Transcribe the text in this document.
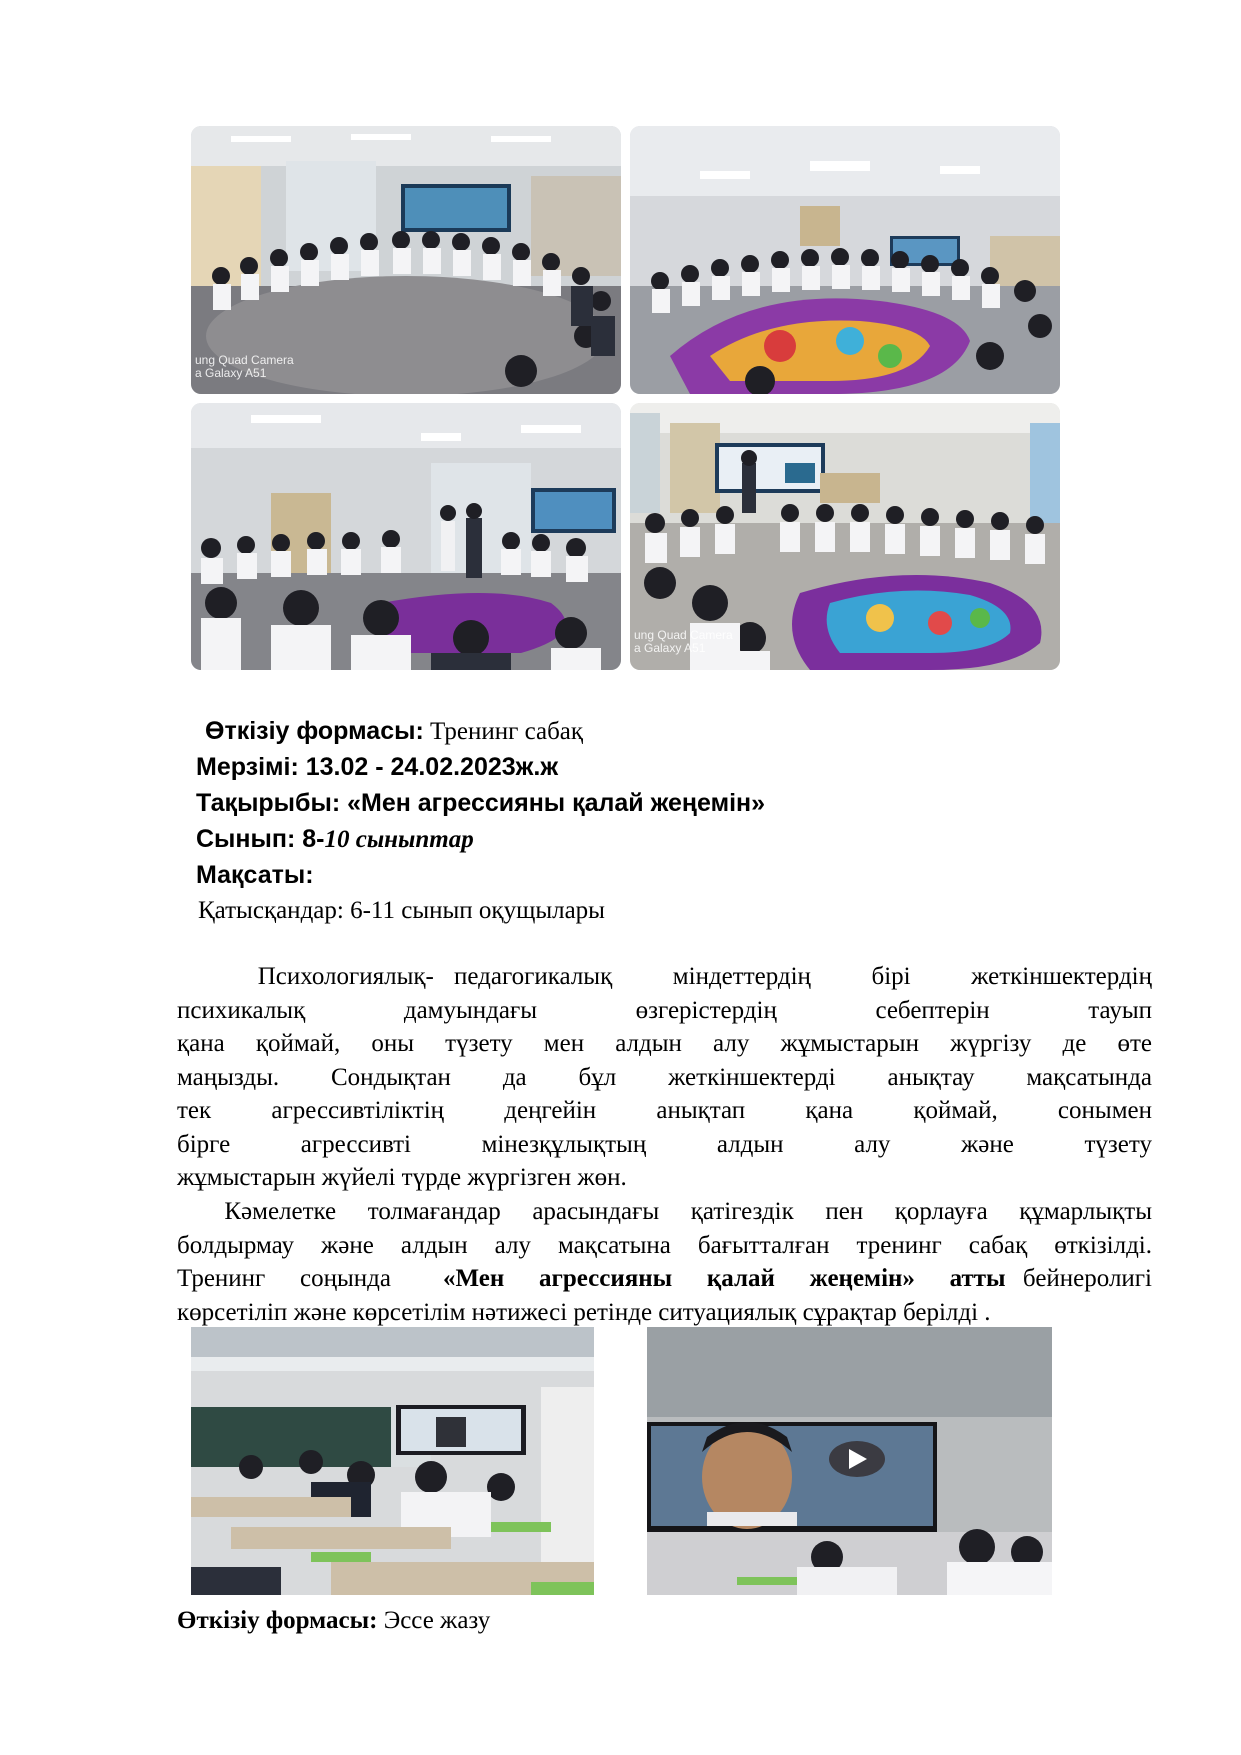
ung Quad Camera
a Galaxy A51
ung Quad Camera
a Galaxy A51
Өткізіу формасы: Тренинг сабақ
Мерзімі: 13.02 - 24.02.2023ж.ж
Тақырыбы: «Мен агрессияны қалай жеңемін»
Сынып: 8-10 сыныптар
Мақсаты:
Қатысқандар: 6-11 сынып оқущылары
Психологиялық- педагогикалық   міндеттердің   бірі   жеткіншектердің
психикалық дамуындағы өзгерістердің себептерін тауып
қана қоймай, оны түзету мен алдын алу жұмыстарын жүргізу де өте
маңызды. Сондықтан да бұл жеткіншектерді анықтау мақсатында
тек агрессивтіліктің деңгейін анықтап қана қоймай, сонымен
бірге агрессивті мінезқұлықтың алдын алу және түзету
жұмыстарын жүйелі түрде жүргізген жөн.
Кәмелетке  толмағандар  арасындағы  қатігездік  пен  қорлауға  құмарлықты
болдырмау және алдын алу мақсатына бағытталған тренинг сабақ өткізілді.
Тренинг  соңында   «Мен  агрессияны  қалай  жеңемін»  атты бейнеролигі
көрсетіліп және көрсетілім нәтижесі ретінде ситуациялық сұрақтар берілді .
Өткізіу формасы: Эссе жазу
